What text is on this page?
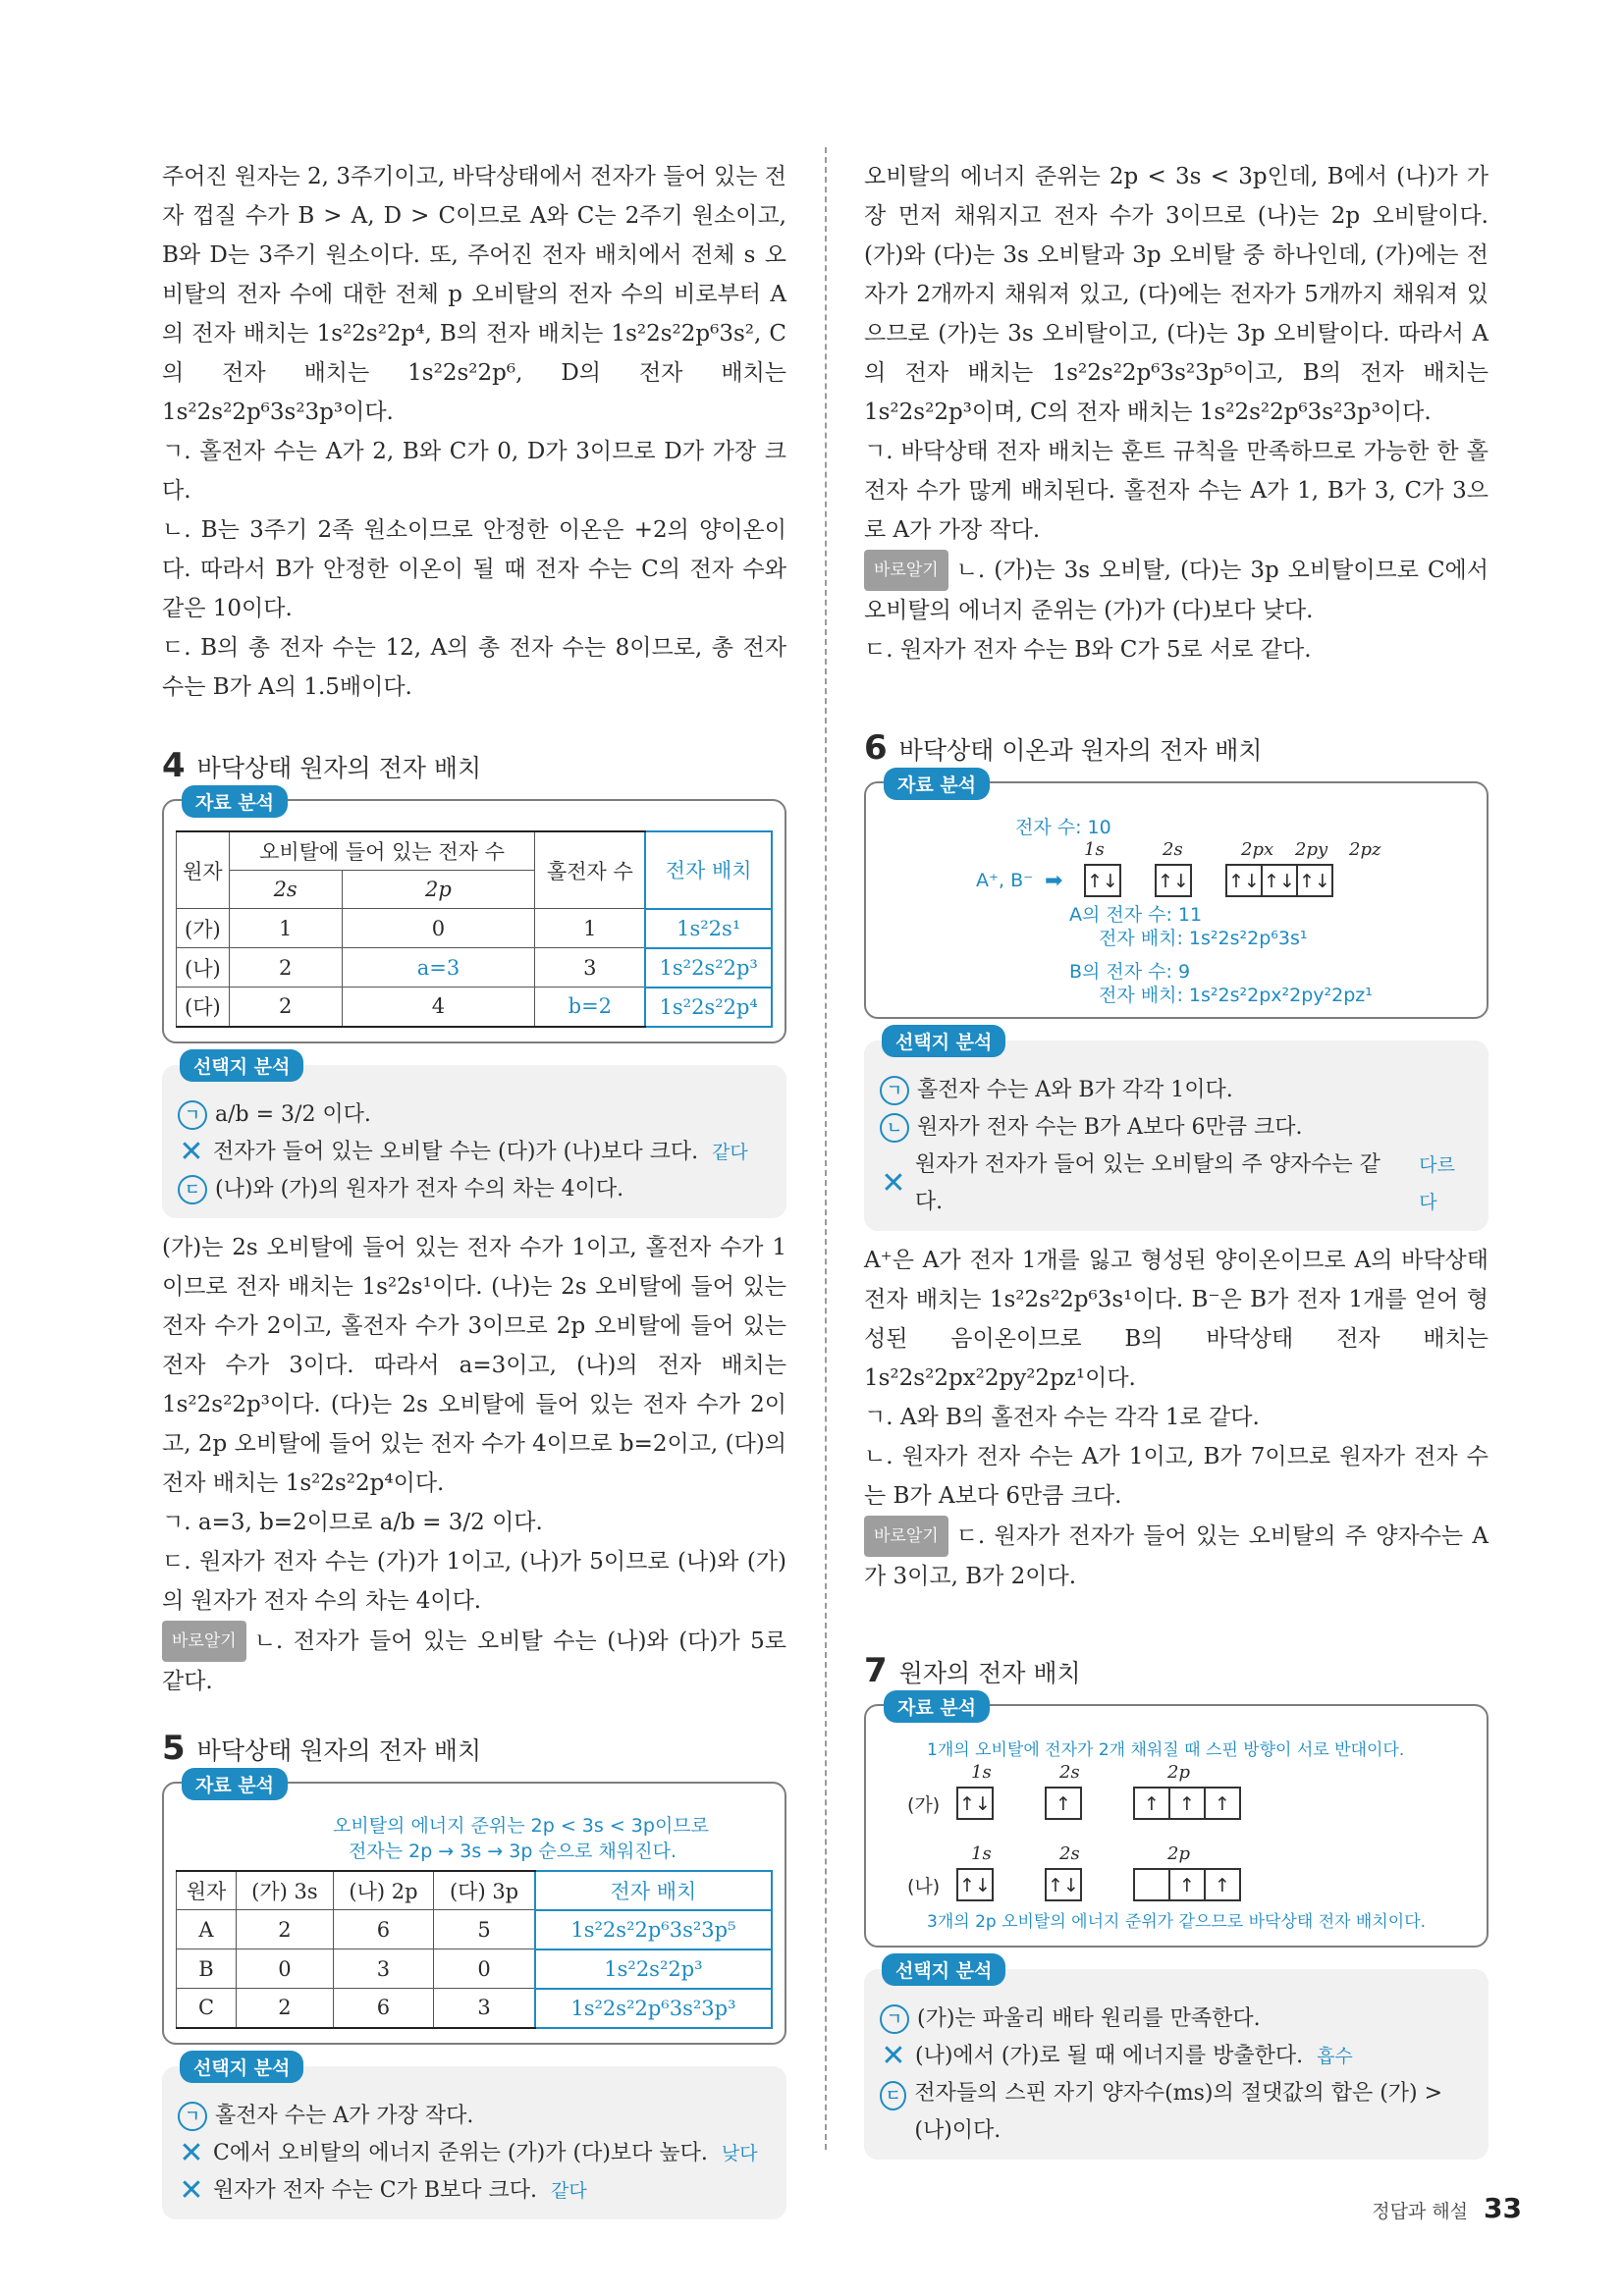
주어진 원자는 2, 3주기이고, 바닥상태에서 전자가 들어 있는 전자 껍질 수가 B > A, D > C이므로 A와 C는 2주기 원소이고, B와 D는 3주기 원소이다. 또, 주어진 전자 배치에서 전체 s 오비탈의 전자 수에 대한 전체 p 오비탈의 전자 수의 비로부터 A의 전자 배치는 1s²2s²2p⁴, B의 전자 배치는 1s²2s²2p⁶3s², C의 전자 배치는 1s²2s²2p⁶, D의 전자 배치는 1s²2s²2p⁶3s²3p³이다.

ㄱ. 홀전자 수는 A가 2, B와 C가 0, D가 3이므로 D가 가장 크다.

ㄴ. B는 3주기 2족 원소이므로 안정한 이온은 +2의 양이온이다. 따라서 B가 안정한 이온이 될 때 전자 수는 C의 전자 수와 같은 10이다.

ㄷ. B의 총 전자 수는 12, A의 총 전자 수는 8이므로, 총 전자 수는 B가 A의 1.5배이다.

4 바닥상태 원자의 전자 배치
자료 분석
원자	오비탈에 들어 있는 전자 수		홀전자 수	전자 배치
	2s	2p		
(가)	1	0	1	1s²2s¹
(나)	2	a=3	3	1s²2s²2p³
(다)	2	4	b=2	1s²2s²2p⁴
선택지 분석
ㄱ a/b = 3/2 이다.
✕ 전자가 들어 있는 오비탈 수는 (다)가 (나)보다 크다. 같다
ㄷ (나)와 (가)의 원자가 전자 수의 차는 4이다.

(가)는 2s 오비탈에 들어 있는 전자 수가 1이고, 홀전자 수가 1이므로 전자 배치는 1s²2s¹이다. (나)는 2s 오비탈에 들어 있는 전자 수가 2이고, 홀전자 수가 3이므로 2p 오비탈에 들어 있는 전자 수가 3이다. 따라서 a=3이고, (나)의 전자 배치는 1s²2s²2p³이다. (다)는 2s 오비탈에 들어 있는 전자 수가 2이고, 2p 오비탈에 들어 있는 전자 수가 4이므로 b=2이고, (다)의 전자 배치는 1s²2s²2p⁴이다.

ㄱ. a=3, b=2이므로 a/b = 3/2 이다.

ㄷ. 원자가 전자 수는 (가)가 1이고, (나)가 5이므로 (나)와 (가)의 원자가 전자 수의 차는 4이다.

바로알기 ㄴ. 전자가 들어 있는 오비탈 수는 (나)와 (다)가 5로 같다.

5 바닥상태 원자의 전자 배치
자료 분석
오비탈의 에너지 준위는 2p < 3s < 3p이므로
전자는 2p → 3s → 3p 순으로 채워진다.
원자	(가) 3s	(나) 2p	(다) 3p	전자 배치
A	2	6	5	1s²2s²2p⁶3s²3p⁵
B	0	3	0	1s²2s²2p³
C	2	6	3	1s²2s²2p⁶3s²3p³
선택지 분석
ㄱ 홀전자 수는 A가 가장 작다.
✕ C에서 오비탈의 에너지 준위는 (가)가 (다)보다 높다. 낮다
✕ 원자가 전자 수는 C가 B보다 크다. 같다

오비탈의 에너지 준위는 2p < 3s < 3p인데, B에서 (나)가 가장 먼저 채워지고 전자 수가 3이므로 (나)는 2p 오비탈이다. (가)와 (다)는 3s 오비탈과 3p 오비탈 중 하나인데, (가)에는 전자가 2개까지 채워져 있고, (다)에는 전자가 5개까지 채워져 있으므로 (가)는 3s 오비탈이고, (다)는 3p 오비탈이다. 따라서 A의 전자 배치는 1s²2s²2p⁶3s²3p⁵이고, B의 전자 배치는 1s²2s²2p³이며, C의 전자 배치는 1s²2s²2p⁶3s²3p³이다.

ㄱ. 바닥상태 전자 배치는 훈트 규칙을 만족하므로 가능한 한 홀전자 수가 많게 배치된다. 홀전자 수는 A가 1, B가 3, C가 3으로 A가 가장 작다.

바로알기 ㄴ. (가)는 3s 오비탈, (다)는 3p 오비탈이므로 C에서 오비탈의 에너지 준위는 (가)가 (다)보다 낮다.

ㄷ. 원자가 전자 수는 B와 C가 5로 서로 같다.

6 바닥상태 이온과 원자의 전자 배치
자료 분석
전자 수: 10
1s	2s	2px	2py	2pz
A⁺, B⁻ ➡	↑↓ ↑↓ ↑↓ ↑↓ ↑↓
A의 전자 수: 11
전자 배치: 1s²2s²2p⁶3s¹
B의 전자 수: 9
전자 배치: 1s²2s²2px²2py²2pz¹
선택지 분석
ㄱ 홀전자 수는 A와 B가 각각 1이다.
ㄴ 원자가 전자 수는 B가 A보다 6만큼 크다.
✕
원자가 전자가 들어 있는 오비탈의 주 양자수는 같다.
다르다

A⁺은 A가 전자 1개를 잃고 형성된 양이온이므로 A의 바닥상태 전자 배치는 1s²2s²2p⁶3s¹이다. B⁻은 B가 전자 1개를 얻어 형성된 음이온이므로 B의 바닥상태 전자 배치는 1s²2s²2px²2py²2pz¹이다.

ㄱ. A와 B의 홀전자 수는 각각 1로 같다.

ㄴ. 원자가 전자 수는 A가 1이고, B가 7이므로 원자가 전자 수는 B가 A보다 6만큼 크다.

바로알기 ㄷ. 원자가 전자가 들어 있는 오비탈의 주 양자수는 A가 3이고, B가 2이다.

7 원자의 전자 배치
자료 분석
1개의 오비탈에 전자가 2개 채워질 때 스핀 방향이 서로 반대이다.
1s	2s	2p
(가)	↑↓	↑	↑ ↑ ↑
1s	2s	2p
(나)	↑↓	↑↓	↑ ↑
3개의 2p 오비탈의 에너지 준위가 같으므로 바닥상태 전자 배치이다.
선택지 분석
ㄱ (가)는 파울리 배타 원리를 만족한다.
✕ (나)에서 (가)로 될 때 에너지를 방출한다. 흡수
ㄷ 전자들의 스핀 자기 양자수(ms)의 절댓값의 합은 (가) > (나)이다.
정답과 해설 33
